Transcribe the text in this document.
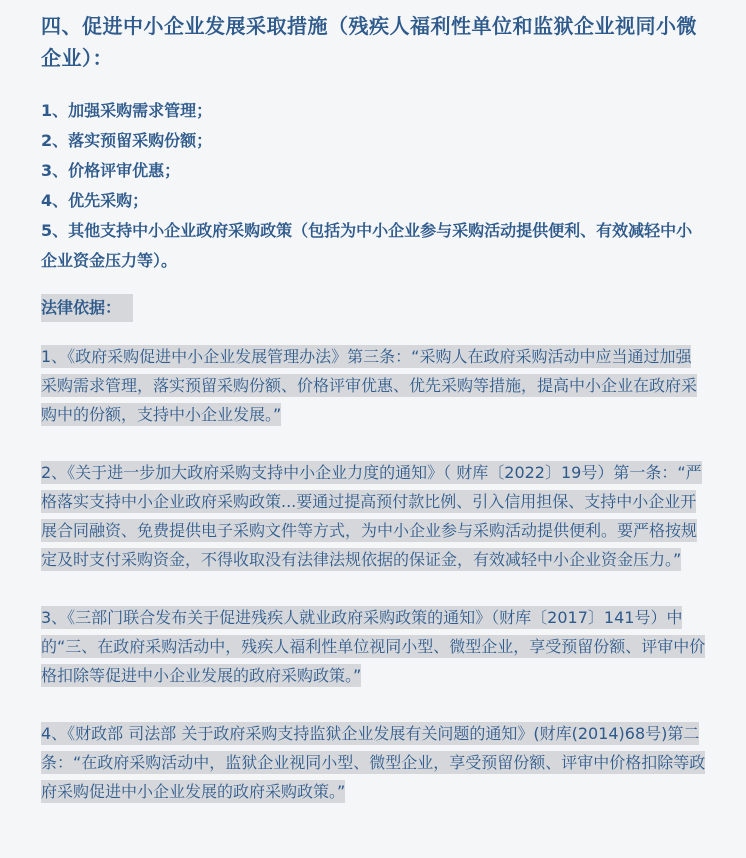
四、促进中小企业发展采取措施（残疾人福利性单位和监狱企业视同小微企业）：

1、加强采购需求管理；

2、落实预留采购份额；

3、价格评审优惠；

4、优先采购；

5、其他支持中小企业政府采购政策（包括为中小企业参与采购活动提供便利、有效减轻中小企业资金压力等）。

法律依据：

1、《政府采购促进中小企业发展管理办法》第三条：“采购人在政府采购活动中应当通过加强采购需求管理，落实预留采购份额、价格评审优惠、优先采购等措施，提高中小企业在政府采购中的份额，支持中小企业发展。”

2、《关于进一步加大政府采购支持中小企业力度的通知》（ 财库〔2022〕19号）第一条：“严格落实支持中小企业政府采购政策...要通过提高预付款比例、引入信用担保、支持中小企业开展合同融资、免费提供电子采购文件等方式，为中小企业参与采购活动提供便利。要严格按规定及时支付采购资金，不得收取没有法律法规依据的保证金，有效减轻中小企业资金压力。”

3、《三部门联合发布关于促进残疾人就业政府采购政策的通知》（财库〔2017〕141号）中的“三、在政府采购活动中，残疾人福利性单位视同小型、微型企业，享受预留份额、评审中价格扣除等促进中小企业发展的政府采购政策。”

4、《财政部 司法部 关于政府采购支持监狱企业发展有关问题的通知》(财库(2014)68号)第二条：“在政府采购活动中，监狱企业视同小型、微型企业，享受预留份额、评审中价格扣除等政府采购促进中小企业发展的政府采购政策。”
